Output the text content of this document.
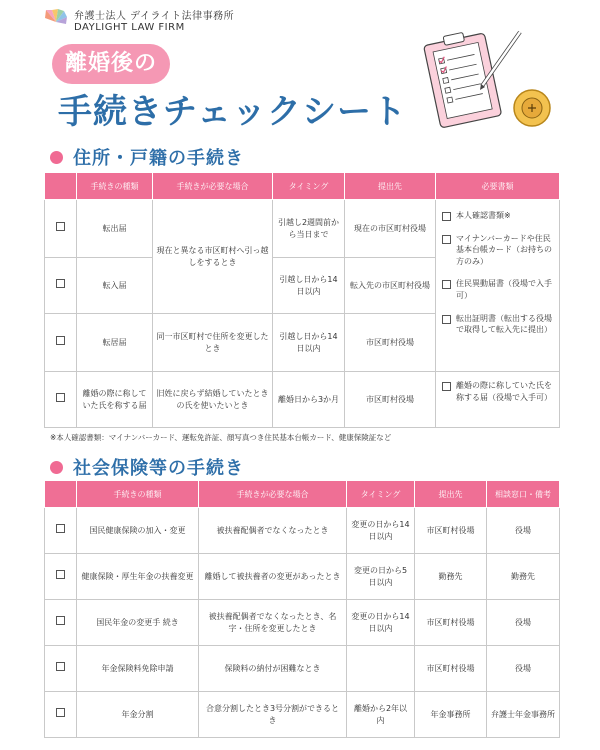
弁護士法人 デイライト法律事務所
DAYLIGHT LAW FIRM
離婚後の
手続きチェックシート
住所・戸籍の手続き
	手続きの種類	手続きが必要な場合	タイミング	提出先	必要書類
	転出届	現在と異なる市区町村へ引っ越しをするとき	引越し2週間前から当日まで	現在の市区町村役場	本人確認書類※
マイナンバーカードや住民基本台帳カード（お持ちの方のみ）
住民異動届書（役場で入手可）
転出証明書（転出する役場で取得して転入先に提出）

	転入届		引越し日から14日以内	転入先の市区町村役場	
	転居届	同一市区町村で住所を変更したとき	引越し日から14日以内	市区町村役場	
	離婚の際に称していた氏を称する届	旧姓に戻らず結婚していたときの氏を使いたいとき	離婚日から3か月	市区町村役場	離婚の際に称していた氏を称する届（役場で入手可）
※本人確認書類：マイナンバーカード、運転免許証、顔写真つき住民基本台帳カード、健康保険証など
社会保険等の手続き
	手続きの種類	手続きが必要な場合	タイミング	提出先	相談窓口・備考
	国民健康保険の加入・変更	被扶養配偶者でなくなったとき	変更の日から14日以内	市区町村役場	役場
	健康保険・厚生年金の扶養変更	離婚して被扶養者の変更があったとき	変更の日から5日以内	勤務先	勤務先
	国民年金の変更手 続き	被扶養配偶者でなくなったとき、名字・住所を変更したとき	変更の日から14日以内	市区町村役場	役場
	年金保険料免除申請	保険料の納付が困難なとき		市区町村役場	役場
	年金分割	合意分割したとき3号分割ができるとき	離婚から2年以内	年金事務所	弁護士年金事務所
